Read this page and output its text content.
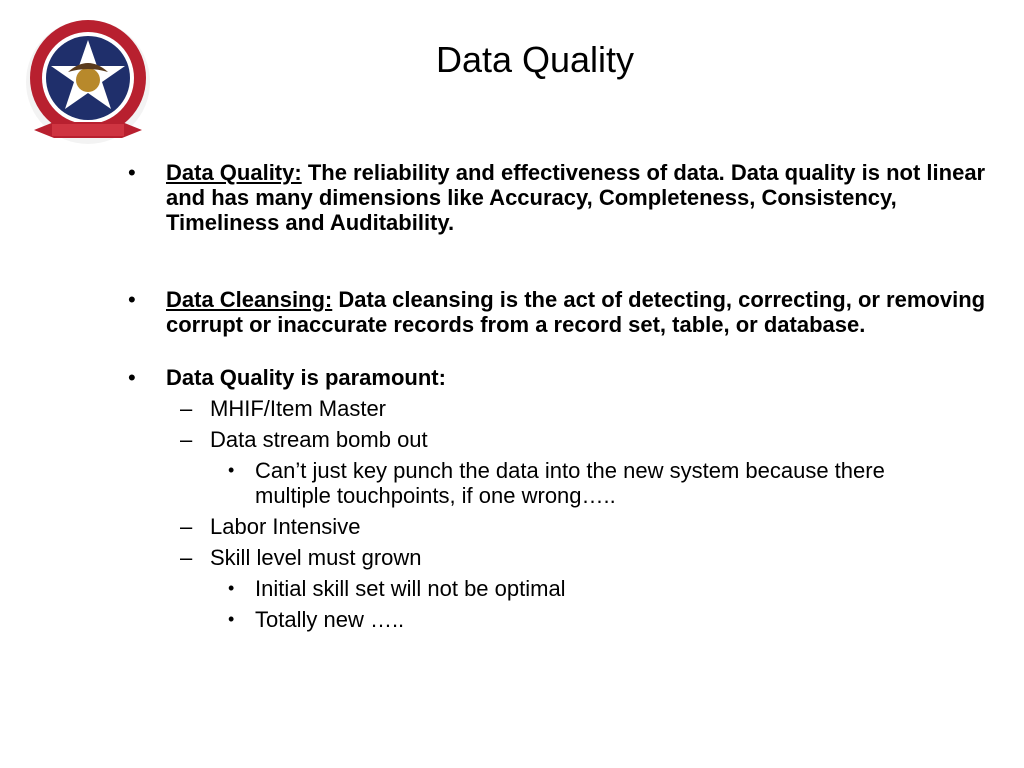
Data Quality
• Data Quality: The reliability and effectiveness of data. Data quality is not linear and has many dimensions like Accuracy, Completeness, Consistency, Timeliness and Auditability.
• Data Cleansing: Data cleansing is the act of detecting, correcting, or removing corrupt or inaccurate records from a record set, table, or database.
• Data Quality is paramount:
– MHIF/Item Master
– Data stream bomb out
• Can’t just key punch the data into the new system because there multiple touchpoints, if one wrong…..
– Labor Intensive
– Skill level must grown
• Initial skill set will not be optimal
• Totally new …..
